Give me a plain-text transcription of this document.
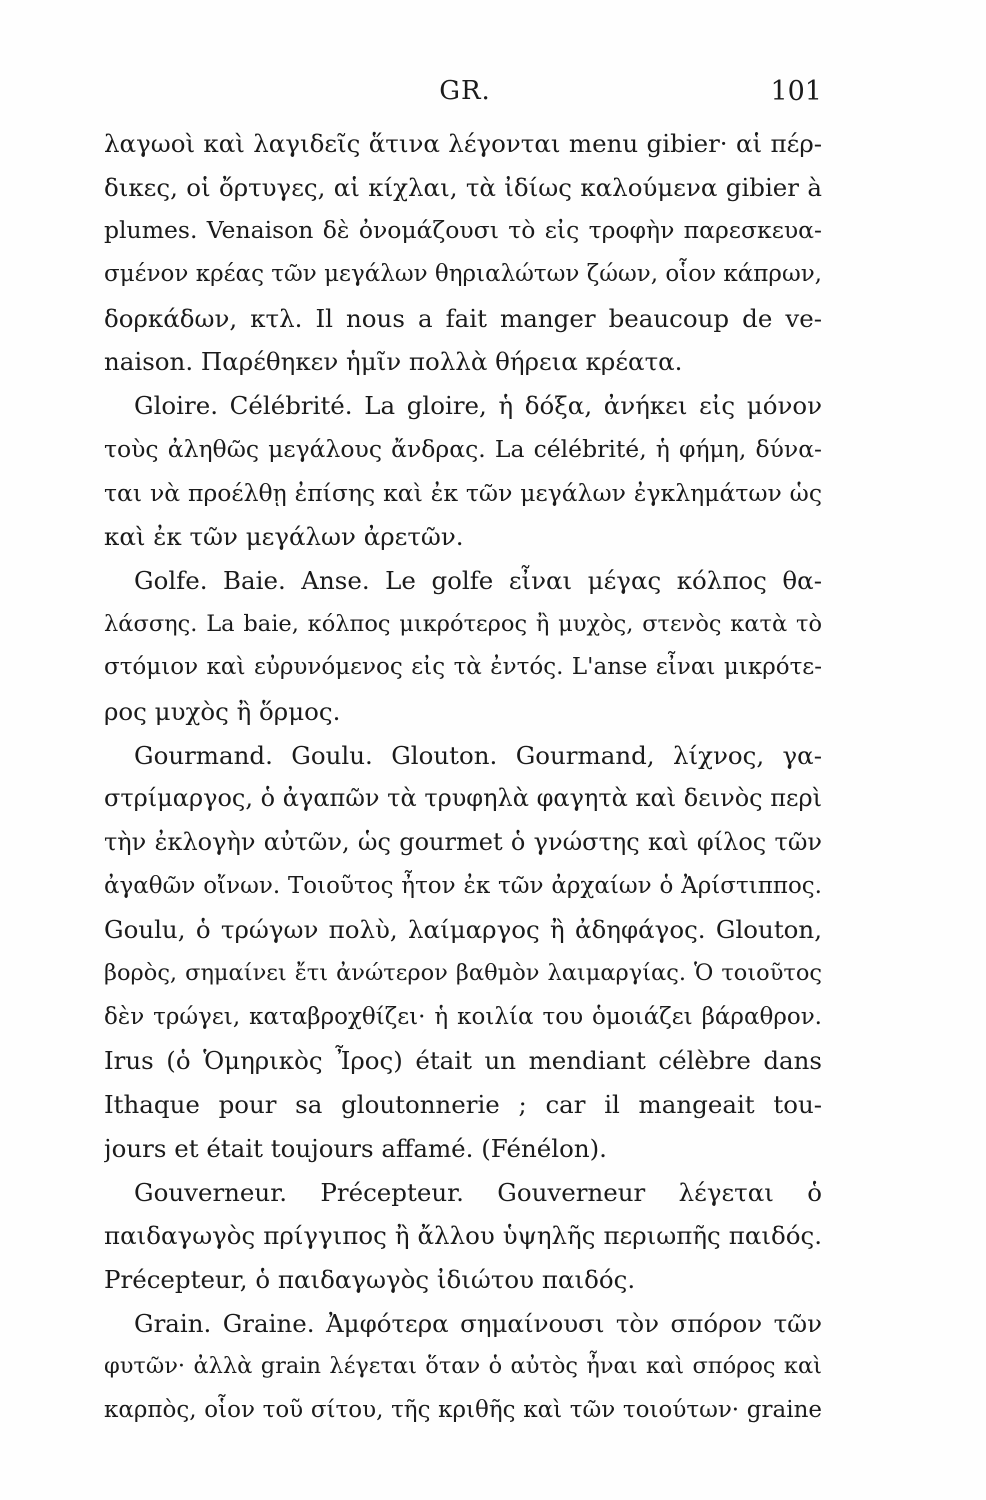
GR.	101
λαγωοὶ καὶ λαγιδεῖς ἅτινα λέγονται menu gibier· αἱ πέρ-
δικες, οἱ ὄρτυγες, αἱ κίχλαι, τὰ ἰδίως καλούμενα gibier à
plumes. Venaison δὲ ὀνομάζουσι τὸ εἰς τροφὴν παρεσκευα-
σμένον κρέας τῶν μεγάλων θηριαλώτων ζώων, οἷον κάπρων,
δορκάδων, κτλ. Il nous a fait manger beaucoup de ve-
naison. Παρέθηκεν ἡμῖν πολλὰ θήρεια κρέατα.
Gloire. Célébrité. La gloire, ἡ δόξα, ἀνήκει εἰς μόνον
τοὺς ἀληθῶς μεγάλους ἄνδρας. La célébrité, ἡ φήμη, δύνα-
ται νὰ προέλθῃ ἐπίσης καὶ ἐκ τῶν μεγάλων ἐγκλημάτων ὡς
καὶ ἐκ τῶν μεγάλων ἀρετῶν.
Golfe. Baie. Anse. Le golfe εἶναι μέγας κόλπος θα-
λάσσης. La baie, κόλπος μικρότερος ἢ μυχὸς, στενὸς κατὰ τὸ
στόμιον καὶ εὐρυνόμενος εἰς τὰ ἐντός. L'anse εἶναι μικρότε-
ρος μυχὸς ἢ ὅρμος.
Gourmand. Goulu. Glouton. Gourmand, λίχνος, γα-
στρίμαργος, ὁ ἀγαπῶν τὰ τρυφηλὰ φαγητὰ καὶ δεινὸς περὶ
τὴν ἐκλογὴν αὐτῶν, ὡς gourmet ὁ γνώστης καὶ φίλος τῶν
ἀγαθῶν οἴνων. Τοιοῦτος ἦτον ἐκ τῶν ἀρχαίων ὁ Ἀρίστιππος.
Goulu, ὁ τρώγων πολὺ, λαίμαργος ἢ ἀδηφάγος. Glouton,
βορὸς, σημαίνει ἔτι ἀνώτερον βαθμὸν λαιμαργίας. Ὁ τοιοῦτος
δὲν τρώγει, καταβροχθίζει· ἡ κοιλία του ὁμοιάζει βάραθρον.
Irus (ὁ Ὁμηρικὸς Ἶρος) était un mendiant célèbre dans
Ithaque pour sa gloutonnerie ; car il mangeait tou-
jours et était toujours affamé. (Fénélon).
Gouverneur. Précepteur. Gouverneur λέγεται ὁ
παιδαγωγὸς πρίγγιπος ἢ ἄλλου ὑψηλῆς περιωπῆς παιδός.
Précepteur, ὁ παιδαγωγὸς ἰδιώτου παιδός.
Grain. Graine. Ἀμφότερα σημαίνουσι τὸν σπόρον τῶν
φυτῶν· ἀλλὰ grain λέγεται ὅταν ὁ αὐτὸς ἦναι καὶ σπόρος καὶ
καρπὸς, οἷον τοῦ σίτου, τῆς κριθῆς καὶ τῶν τοιούτων· graine
